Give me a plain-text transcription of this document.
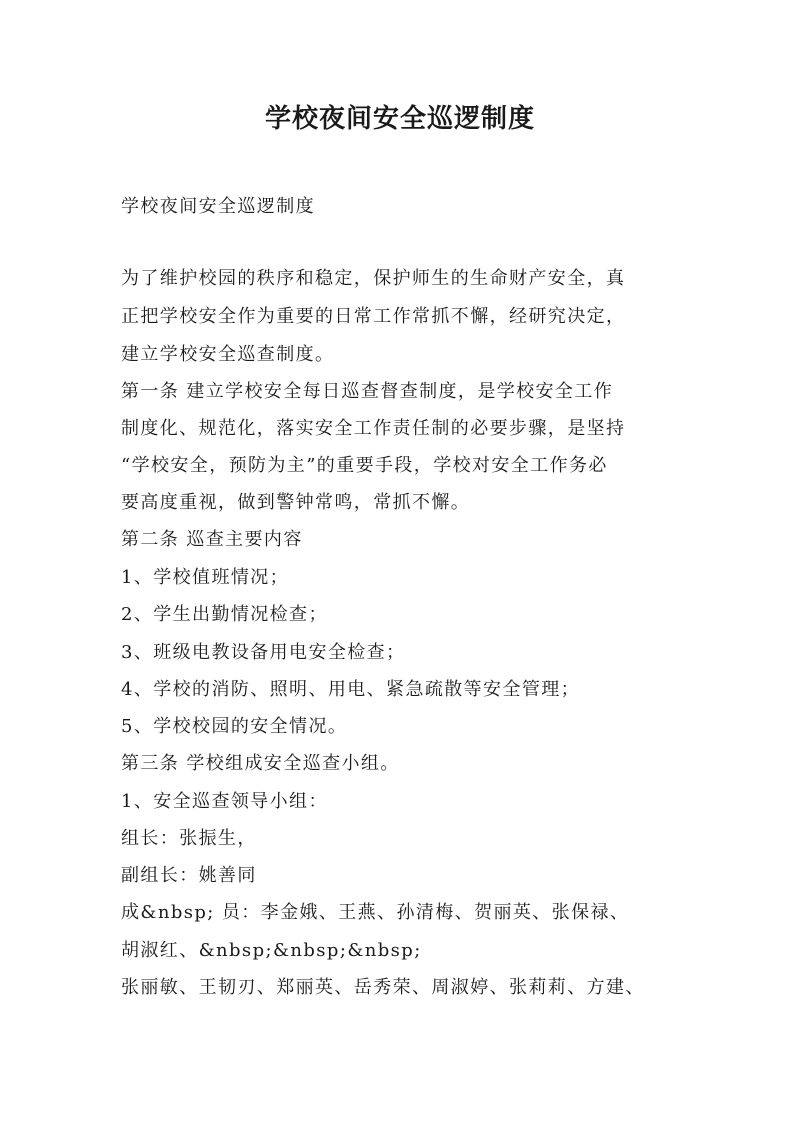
学校夜间安全巡逻制度
学校夜间安全巡逻制度
为了维护校园的秩序和稳定，保护师生的生命财产安全，真
正把学校安全作为重要的日常工作常抓不懈，经研究决定，
建立学校安全巡查制度。
第一条 建立学校安全每日巡查督查制度，是学校安全工作
制度化、规范化，落实安全工作责任制的必要步骤，是坚持
“学校安全，预防为主”的重要手段，学校对安全工作务必
要高度重视，做到警钟常鸣，常抓不懈。
第二条 巡查主要内容
1、学校值班情况；
2、学生出勤情况检查；
3、班级电教设备用电安全检查；
4、学校的消防、照明、用电、紧急疏散等安全管理；
5、学校校园的安全情况。
第三条 学校组成安全巡查小组。
1、安全巡查领导小组：
组长：张振生，
副组长：姚善同
成&nbsp; 员：李金娥、王燕、孙清梅、贺丽英、张保禄、
胡淑红、&nbsp;&nbsp;&nbsp;
张丽敏、王韧刃、郑丽英、岳秀荣、周淑婷、张莉莉、方建、
